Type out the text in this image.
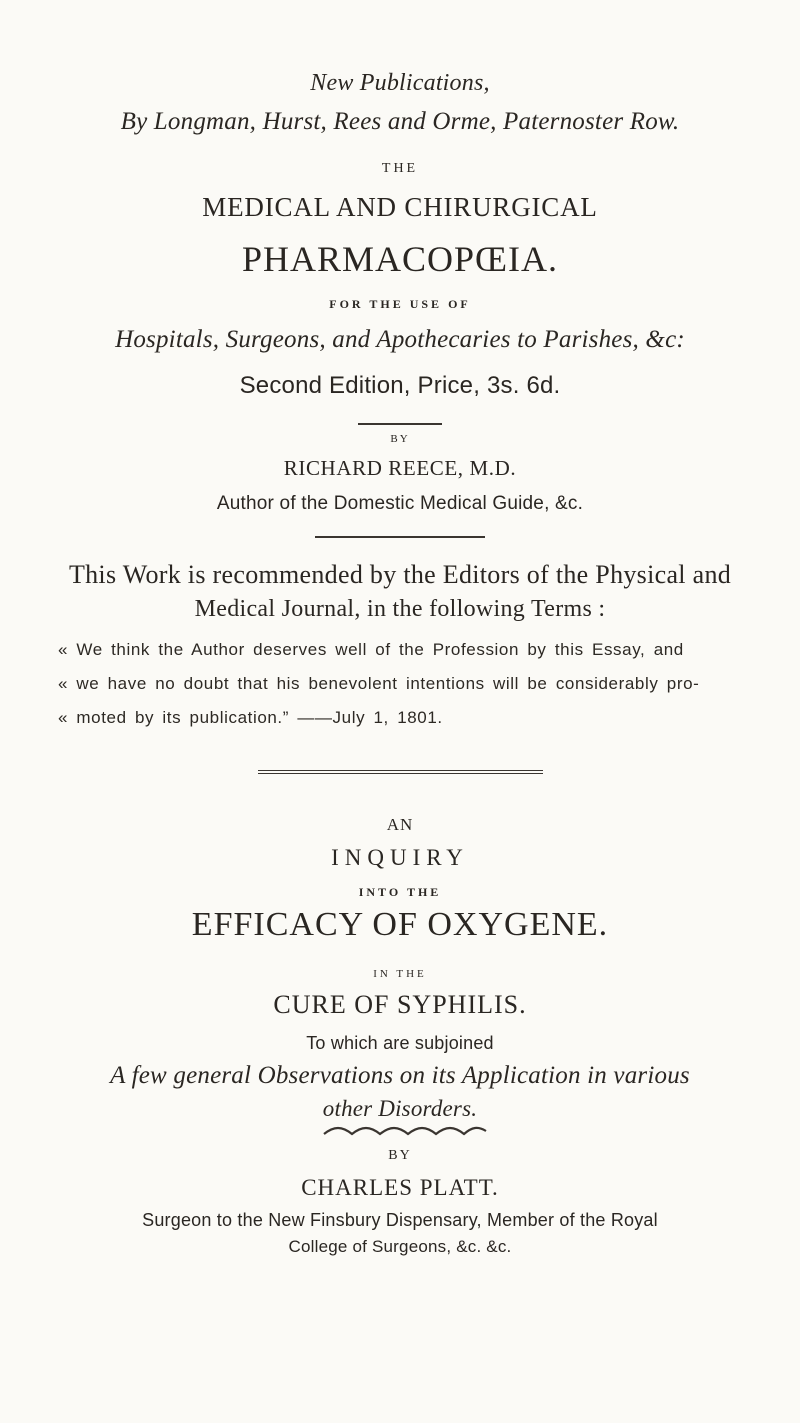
New Publications,
By Longman, Hurst, Rees and Orme, Paternoster Row.
THE
MEDICAL AND CHIRURGICAL
PHARMACOPŒIA.
FOR THE USE OF
Hospitals, Surgeons, and Apothecaries to Parishes, &c:
Second Edition, Price, 3s. 6d.
BY
RICHARD REECE, M.D.
Author of the Domestic Medical Guide, &c.
This Work is recommended by the Editors of the Physical and
Medical Journal, in the following Terms :
« We think the Author deserves well of the Profession by this Essay, and
« we have no doubt that his benevolent intentions will be considerably pro-
« moted by its publication.” ——July 1, 1801.
AN
INQUIRY
INTO THE
EFFICACY OF OXYGENE.
IN THE
CURE OF SYPHILIS.
To which are subjoined
A few general Observations on its Application in various
other Disorders.
BY
CHARLES PLATT.
Surgeon to the New Finsbury Dispensary, Member of the Royal
College of Surgeons, &c. &c.
